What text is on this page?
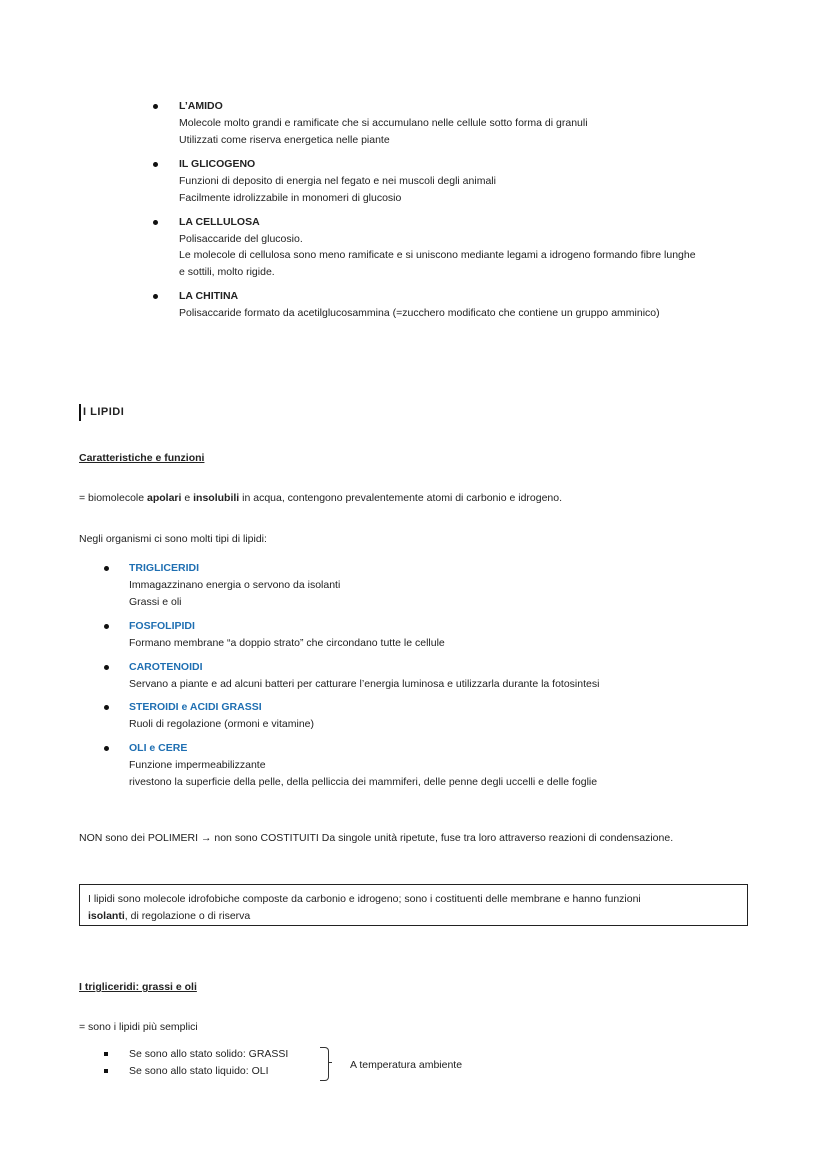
L’AMIDO
Molecole molto grandi e ramificate che si accumulano nelle cellule sotto forma di granuli
Utilizzati come riserva energetica nelle piante
IL GLICOGENO
Funzioni di deposito di energia nel fegato e nei muscoli degli animali
Facilmente idrolizzabile in monomeri di glucosio
LA CELLULOSA
Polisaccaride del glucosio.
Le molecole di cellulosa sono meno ramificate e si uniscono mediante legami a idrogeno formando fibre lunghe
e sottili, molto rigide.
LA CHITINA
Polisaccaride formato da acetilglucosammina (=zucchero modificato che contiene un gruppo amminico)
I LIPIDI
Caratteristiche e funzioni
= biomolecole apolari e insolubili in acqua, contengono prevalentemente atomi di carbonio e idrogeno.
Negli organismi ci sono molti tipi di lipidi:
TRIGLICERIDI
Immagazzinano energia o servono da isolanti
Grassi e oli
FOSFOLIPIDI
Formano membrane “a doppio strato” che circondano tutte le cellule
CAROTENOIDI
Servano a piante e ad alcuni batteri per catturare l’energia luminosa e utilizzarla durante la fotosintesi
STEROIDI e ACIDI GRASSI
Ruoli di regolazione (ormoni e vitamine)
OLI e CERE
Funzione impermeabilizzante
rivestono la superficie della pelle, della pelliccia dei mammiferi, delle penne degli uccelli e delle foglie
NON sono dei POLIMERI → non sono COSTITUITI Da singole unità ripetute, fuse tra loro attraverso reazioni di condensazione.
I lipidi sono molecole idrofobiche composte da carbonio e idrogeno; sono i costituenti delle membrane e hanno funzioni
isolanti, di regolazione o di riserva
I trigliceridi: grassi e oli
= sono i lipidi più semplici
Se sono allo stato solido: GRASSI
Se sono allo stato liquido: OLI	A temperatura ambiente
